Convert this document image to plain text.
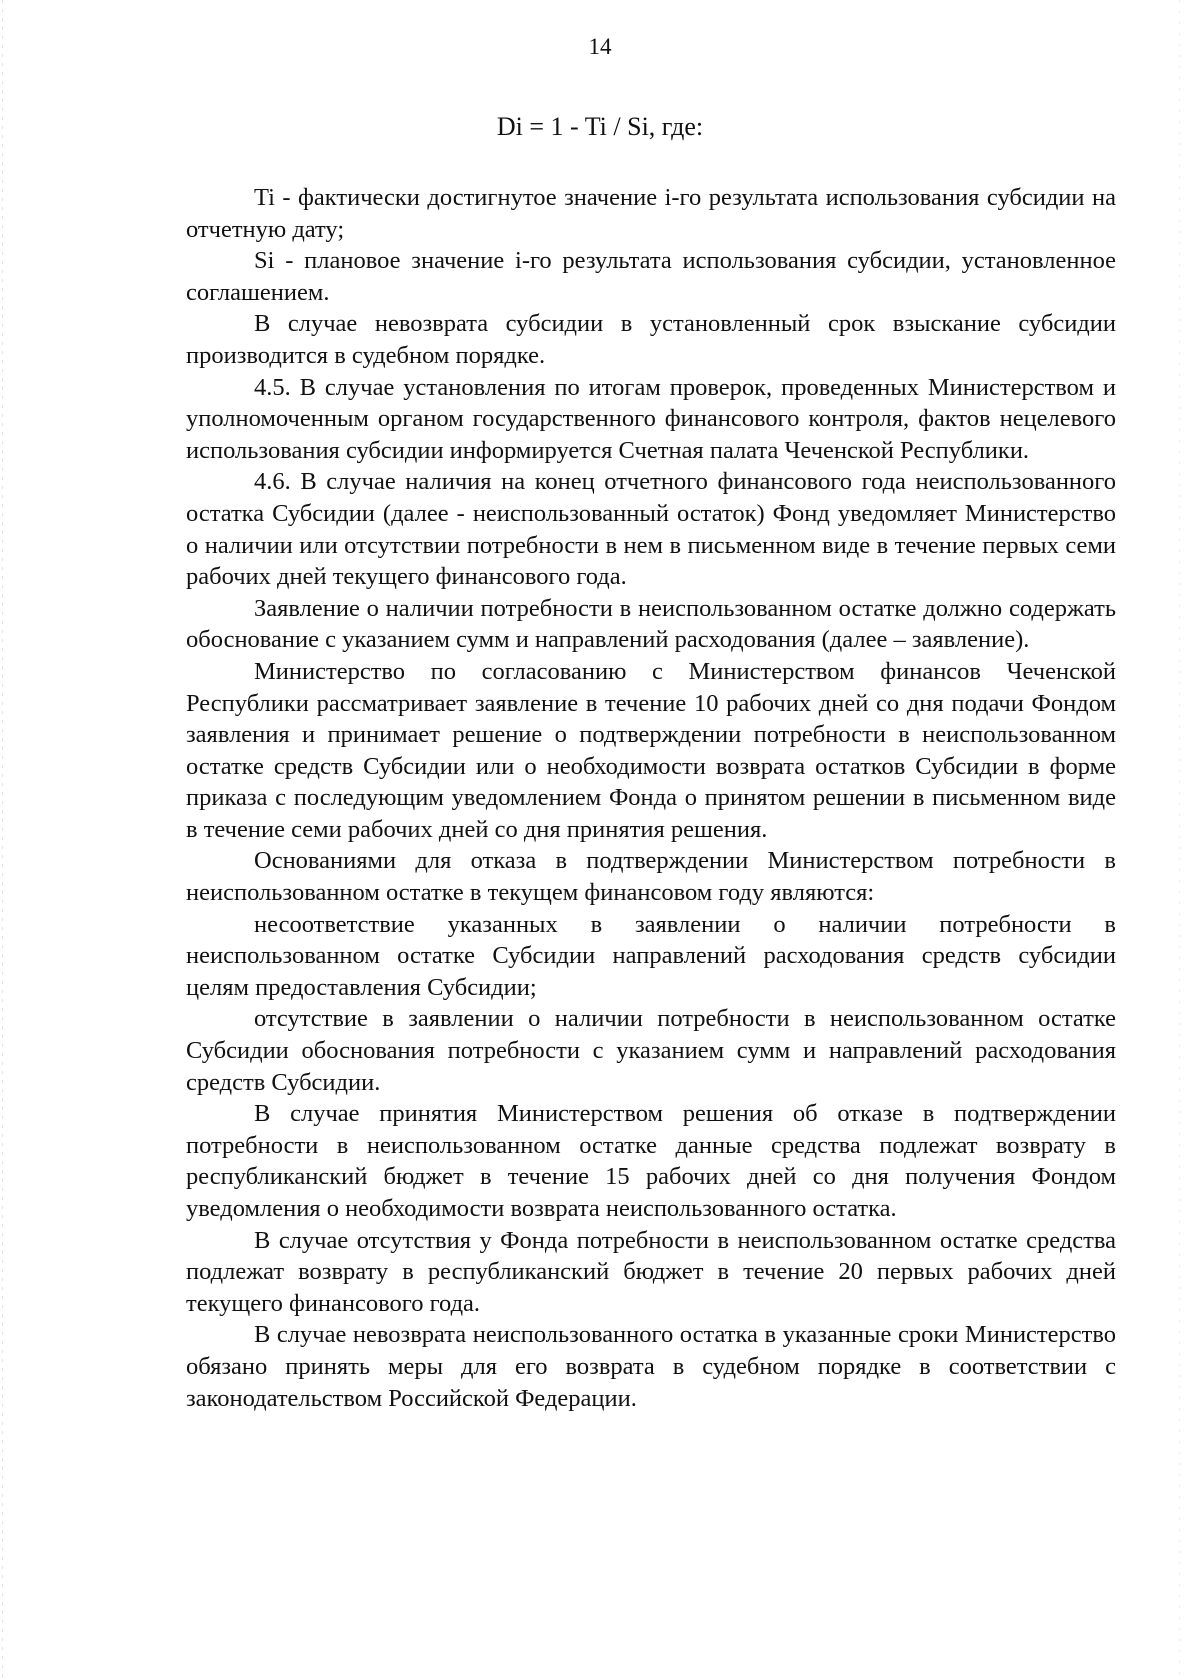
14
Di = 1 - Ti / Si, где:

Ti - фактически достигнутое значение i-го результата использования субсидии на отчетную дату;

Si - плановое значение i-го результата использования субсидии, установленное соглашением.

В случае невозврата субсидии в установленный срок взыскание субсидии производится в судебном порядке.

4.5. В случае установления по итогам проверок, проведенных Министерством и уполномоченным органом государственного финансового контроля, фактов нецелевого использования субсидии информируется Счетная палата Чеченской Республики.

4.6. В случае наличия на конец отчетного финансового года неиспользованного остатка Субсидии (далее - неиспользованный остаток) Фонд уведомляет Министерство о наличии или отсутствии потребности в нем в письменном виде в течение первых семи рабочих дней текущего финансового года.

Заявление о наличии потребности в неиспользованном остатке должно содержать обоснование с указанием сумм и направлений расходования (далее – заявление).

Министерство по согласованию с Министерством финансов Чеченской Республики рассматривает заявление в течение 10 рабочих дней со дня подачи Фондом заявления и принимает решение о подтверждении потребности в неиспользованном остатке средств Субсидии или о необходимости возврата остатков Субсидии в форме приказа с последующим уведомлением Фонда о принятом решении в письменном виде в течение семи рабочих дней со дня принятия решения.

Основаниями для отказа в подтверждении Министерством потребности в неиспользованном остатке в текущем финансовом году являются:

несоответствие указанных в заявлении о наличии потребности в неиспользованном остатке Субсидии направлений расходования средств субсидии целям предоставления Субсидии;

отсутствие в заявлении о наличии потребности в неиспользованном остатке Субсидии обоснования потребности с указанием сумм и направлений расходования средств Субсидии.

В случае принятия Министерством решения об отказе в подтверждении потребности в неиспользованном остатке данные средства подлежат возврату в республиканский бюджет в течение 15 рабочих дней со дня получения Фондом уведомления о необходимости возврата неиспользованного остатка.

В случае отсутствия у Фонда потребности в неиспользованном остатке средства подлежат возврату в республиканский бюджет в течение 20 первых рабочих дней текущего финансового года.

В случае невозврата неиспользованного остатка в указанные сроки Министерство обязано принять меры для его возврата в судебном порядке в соответствии с законодательством Российской Федерации.
